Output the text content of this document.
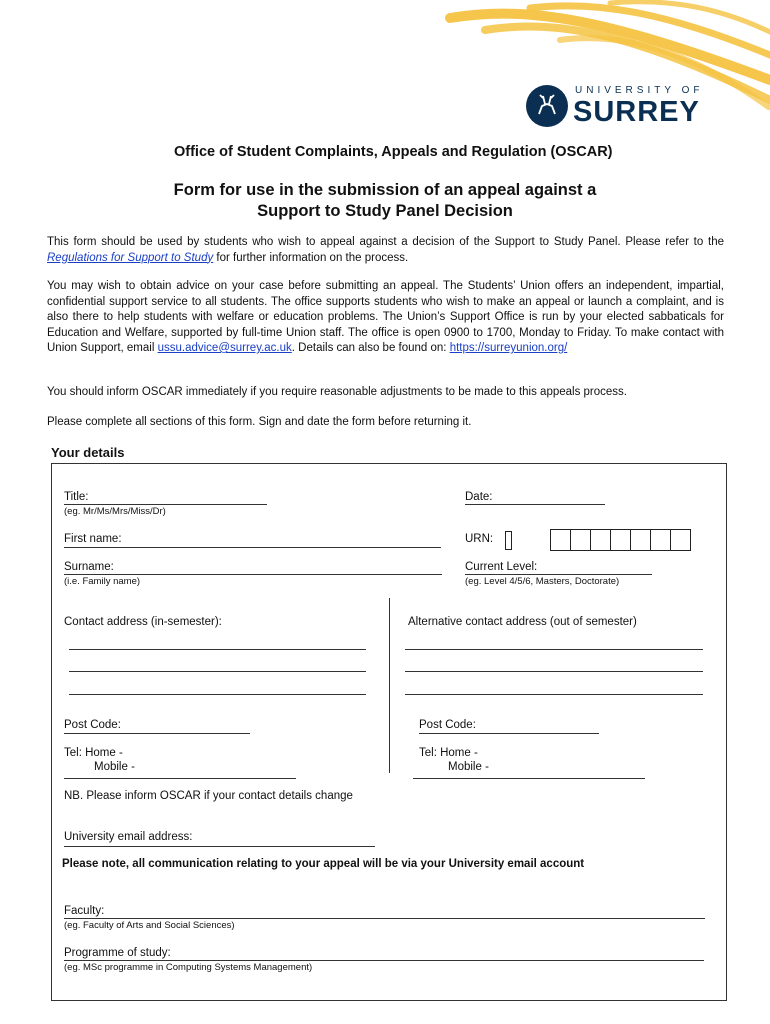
UNIVERSITY OF
SURREY
Office of Student Complaints, Appeals and Regulation (OSCAR)
Form for use in the submission of an appeal against a
Support to Study Panel Decision
This form should be used by students who wish to appeal against a decision of the Support to Study Panel. Please refer to the Regulations for Support to Study for further information on the process.
You may wish to obtain advice on your case before submitting an appeal. The Students’ Union offers an independent, impartial, confidential support service to all students. The office supports students who wish to make an appeal or launch a complaint, and is also there to help students with welfare or education problems. The Union’s Support Office is run by your elected sabbaticals for Education and Welfare, supported by full-time Union staff. The office is open 0900 to 1700, Monday to Friday. To make contact with Union Support, email ussu.advice@surrey.ac.uk. Details can also be found on: https://surreyunion.org/
You should inform OSCAR immediately if you require reasonable adjustments to be made to this appeals process.
Please complete all sections of this form. Sign and date the form before returning it.
Your details
Title:
(eg. Mr/Ms/Mrs/Miss/Dr)
Date:
First name:	URN:
Surname:
(i.e. Family name)
Current Level:
(eg. Level 4/5/6, Masters, Doctorate)
Contact address (in-semester):	Alternative contact address (out of semester)
Post Code:	Post Code:
Tel: Home -
Mobile -
Tel: Home -
Mobile -
NB. Please inform OSCAR if your contact details change
University email address:
Please note, all communication relating to your appeal will be via your University email account
Faculty:
(eg. Faculty of Arts and Social Sciences)
Programme of study:
(eg. MSc programme in Computing Systems Management)
